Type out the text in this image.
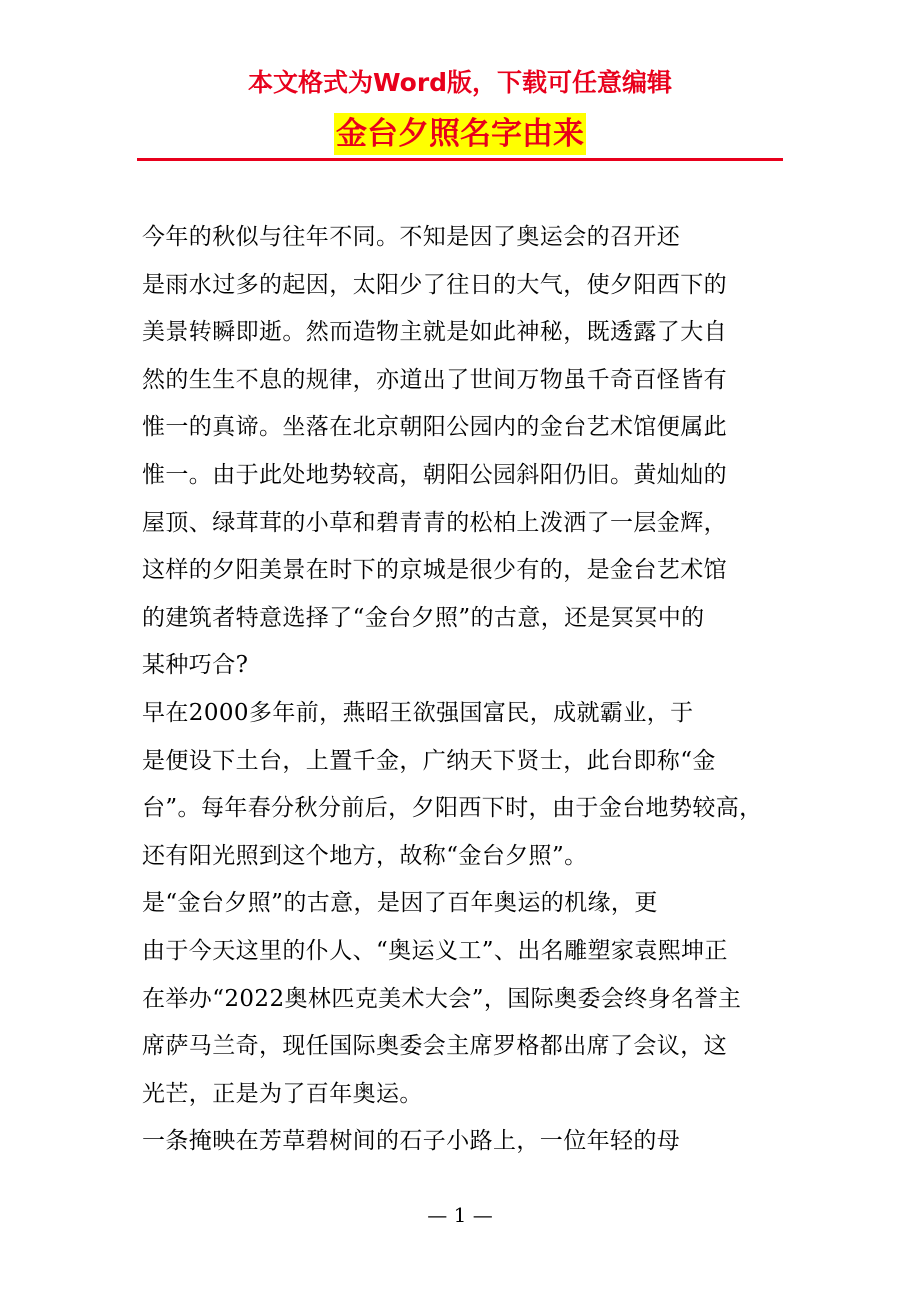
本文格式为Word版，下载可任意编辑
金台夕照名字由来

今年的秋似与往年不同。不知是因了奥运会的召开还
是雨水过多的起因，太阳少了往日的大气，使夕阳西下的
美景转瞬即逝。然而造物主就是如此神秘，既透露了大自
然的生生不息的规律，亦道出了世间万物虽千奇百怪皆有
惟一的真谛。坐落在北京朝阳公园内的金台艺术馆便属此
惟一。由于此处地势较高，朝阳公园斜阳仍旧。黄灿灿的
屋顶、绿茸茸的小草和碧青青的松柏上泼洒了一层金辉，
这样的夕阳美景在时下的京城是很少有的，是金台艺术馆
的建筑者特意选择了“金台夕照”的古意，还是冥冥中的
某种巧合?

早在2000多年前，燕昭王欲强国富民，成就霸业，于
是便设下土台，上置千金，广纳天下贤士，此台即称“金
台”。每年春分秋分前后，夕阳西下时，由于金台地势较高，
还有阳光照到这个地方，故称“金台夕照”。

是“金台夕照”的古意，是因了百年奥运的机缘，更
由于今天这里的仆人、“奥运义工”、出名雕塑家袁熙坤正
在举办“2022奥林匹克美术大会”，国际奥委会终身名誉主
席萨马兰奇，现任国际奥委会主席罗格都出席了会议，这
光芒，正是为了百年奥运。

一条掩映在芳草碧树间的石子小路上，一位年轻的母

— 1 —
